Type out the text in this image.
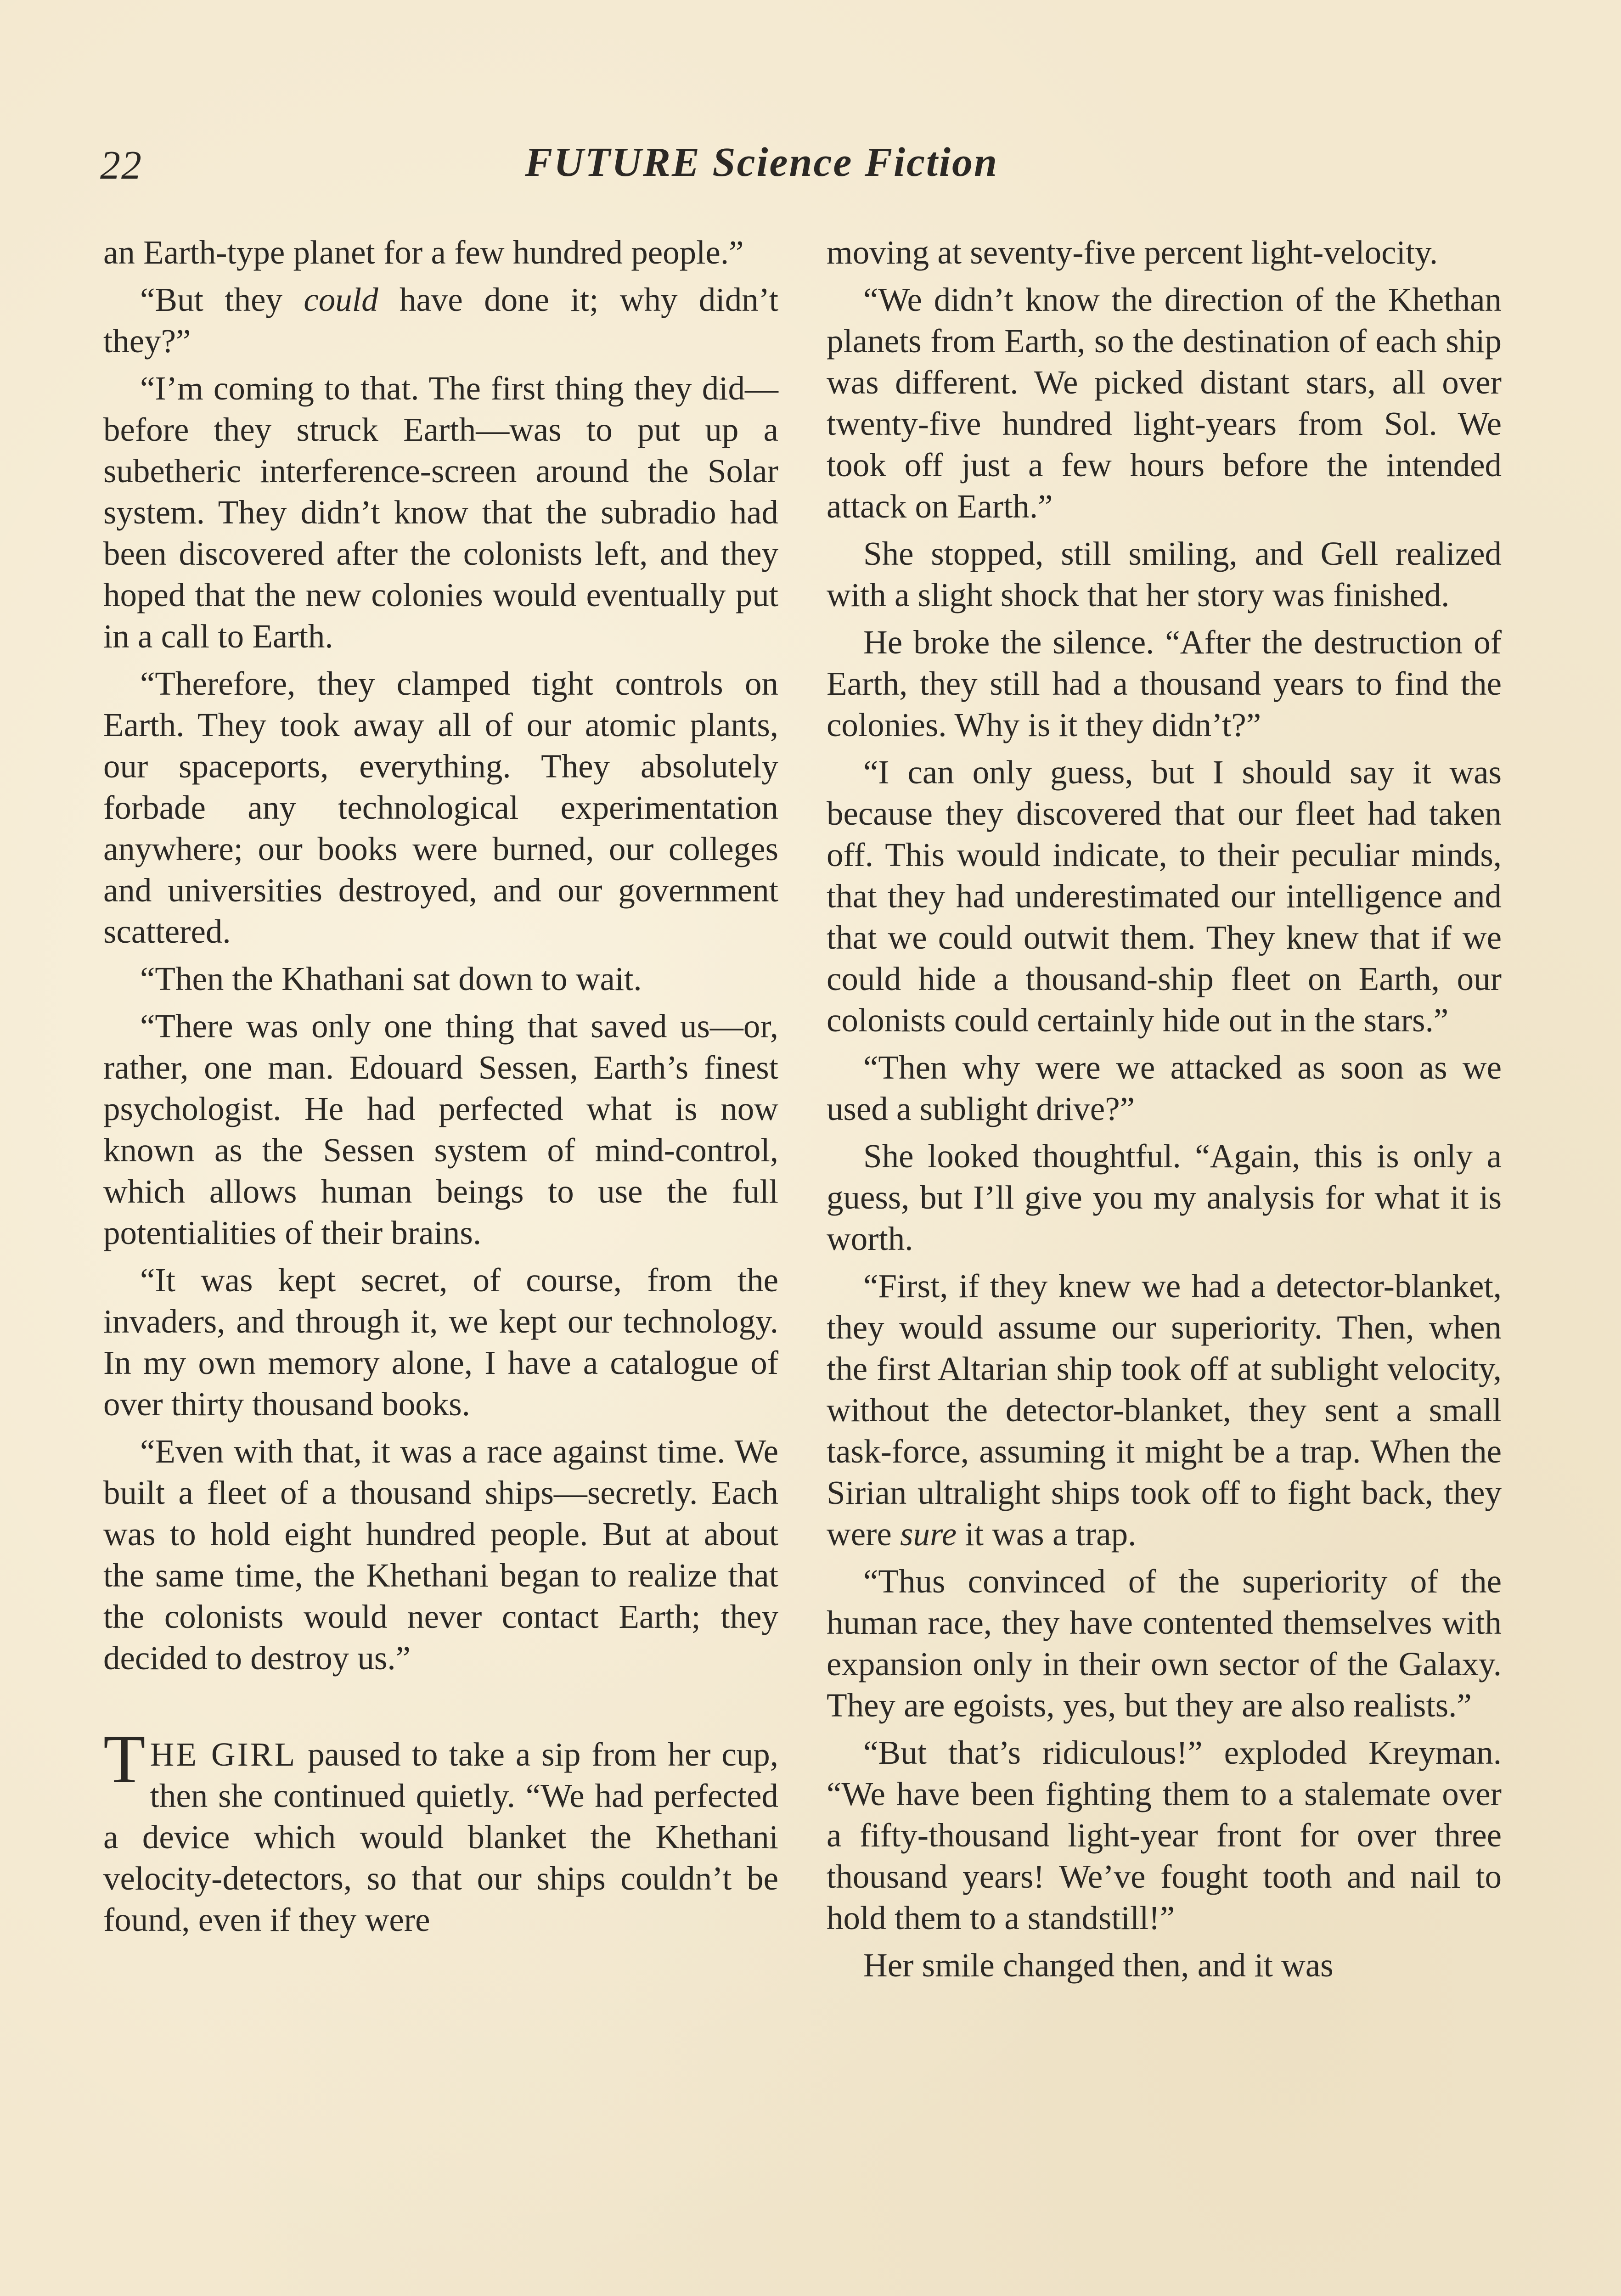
22	FUTURE Science Fiction

an Earth-type planet for a few hundred people.”

“But they could have done it; why didn’t they?”

“I’m coming to that. The first thing they did—before they struck Earth—was to put up a subetheric interference-screen around the Solar system. They didn’t know that the subradio had been discovered after the colonists left, and they hoped that the new colonies would eventually put in a call to Earth.

“Therefore, they clamped tight controls on Earth. They took away all of our atomic plants, our spaceports, everything. They absolutely forbade any technological experimentation anywhere; our books were burned, our colleges and universities destroyed, and our government scattered.

“Then the Khathani sat down to wait.

“There was only one thing that saved us—or, rather, one man. Edouard Sessen, Earth’s finest psychologist. He had perfected what is now known as the Sessen system of mind-control, which allows human beings to use the full potentialities of their brains.

“It was kept secret, of course, from the invaders, and through it, we kept our technology. In my own memory alone, I have a catalogue of over thirty thousand books.

“Even with that, it was a race against time. We built a fleet of a thousand ships—secretly. Each was to hold eight hundred people. But at about the same time, the Khethani began to realize that the colonists would never contact Earth; they decided to destroy us.”

THE GIRL paused to take a sip from her cup, then she continued quietly. “We had perfected a device which would blanket the Khethani velocity-detectors, so that our ships couldn’t be found, even if they were

moving at seventy-five percent light-velocity.

“We didn’t know the direction of the Khethan planets from Earth, so the destination of each ship was different. We picked distant stars, all over twenty-five hundred light-years from Sol. We took off just a few hours before the intended attack on Earth.”

She stopped, still smiling, and Gell realized with a slight shock that her story was finished.

He broke the silence. “After the destruction of Earth, they still had a thousand years to find the colonies. Why is it they didn’t?”

“I can only guess, but I should say it was because they discovered that our fleet had taken off. This would indicate, to their peculiar minds, that they had underestimated our intelligence and that we could outwit them. They knew that if we could hide a thousand-ship fleet on Earth, our colonists could certainly hide out in the stars.”

“Then why were we attacked as soon as we used a sublight drive?”

She looked thoughtful. “Again, this is only a guess, but I’ll give you my analysis for what it is worth.

“First, if they knew we had a detector-blanket, they would assume our superiority. Then, when the first Altarian ship took off at sublight velocity, without the detector-blanket, they sent a small task-force, assuming it might be a trap. When the Sirian ultralight ships took off to fight back, they were sure it was a trap.

“Thus convinced of the superiority of the human race, they have contented themselves with expansion only in their own sector of the Galaxy. They are egoists, yes, but they are also realists.”

“But that’s ridiculous!” exploded Kreyman. “We have been fighting them to a stalemate over a fifty-thousand light-year front for over three thousand years! We’ve fought tooth and nail to hold them to a standstill!”

Her smile changed then, and it was
